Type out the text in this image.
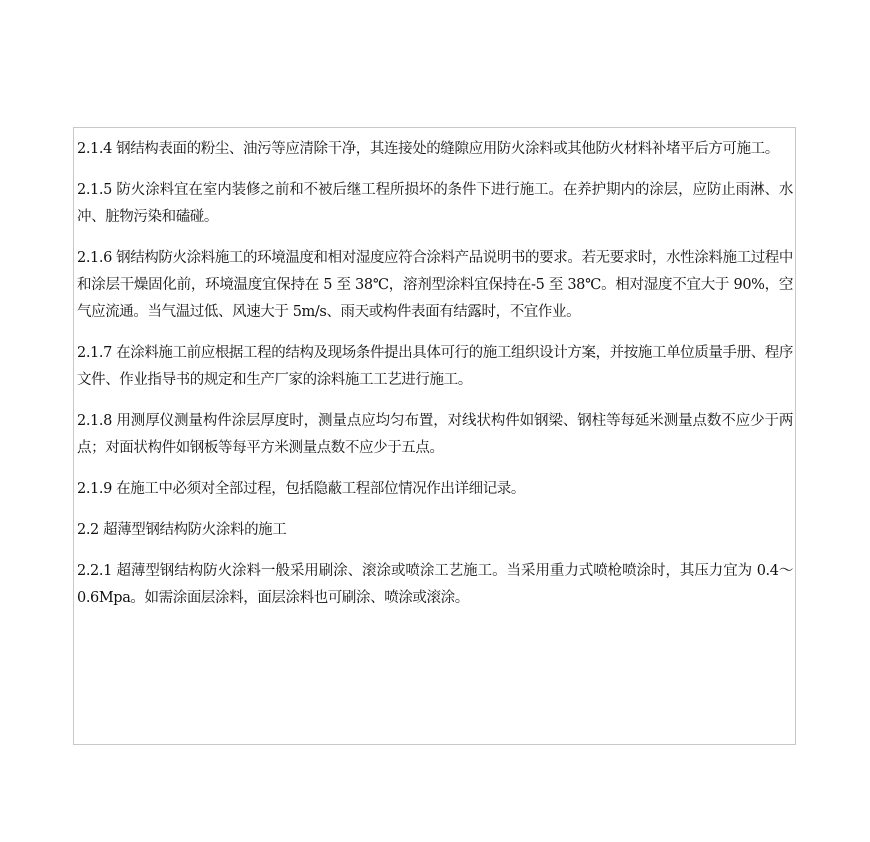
2.1.4 钢结构表面的粉尘、油污等应清除干净，其连接处的缝隙应用防火涂料或其他防火材料补堵平后方可施工。

2.1.5 防火涂料宜在室内装修之前和不被后继工程所损坏的条件下进行施工。在养护期内的涂层，应防止雨淋、水冲、脏物污染和磕碰。

2.1.6 钢结构防火涂料施工的环境温度和相对湿度应符合涂料产品说明书的要求。若无要求时，水性涂料施工过程中和涂层干燥固化前，环境温度宜保持在 5 至 38℃，溶剂型涂料宜保持在-5 至 38℃。相对湿度不宜大于 90%，空气应流通。当气温过低、风速大于 5m/s、雨天或构件表面有结露时，不宜作业。

2.1.7 在涂料施工前应根据工程的结构及现场条件提出具体可行的施工组织设计方案，并按施工单位质量手册、程序文件、作业指导书的规定和生产厂家的涂料施工工艺进行施工。

2.1.8 用测厚仪测量构件涂层厚度时，测量点应均匀布置，对线状构件如钢梁、钢柱等每延米测量点数不应少于两点；对面状构件如钢板等每平方米测量点数不应少于五点。

2.1.9 在施工中必须对全部过程，包括隐蔽工程部位情况作出详细记录。

2.2 超薄型钢结构防火涂料的施工

2.2.1 超薄型钢结构防火涂料一般采用刷涂、滚涂或喷涂工艺施工。当采用重力式喷枪喷涂时，其压力宜为 0.4～0.6Mpa。如需涂面层涂料，面层涂料也可刷涂、喷涂或滚涂。
